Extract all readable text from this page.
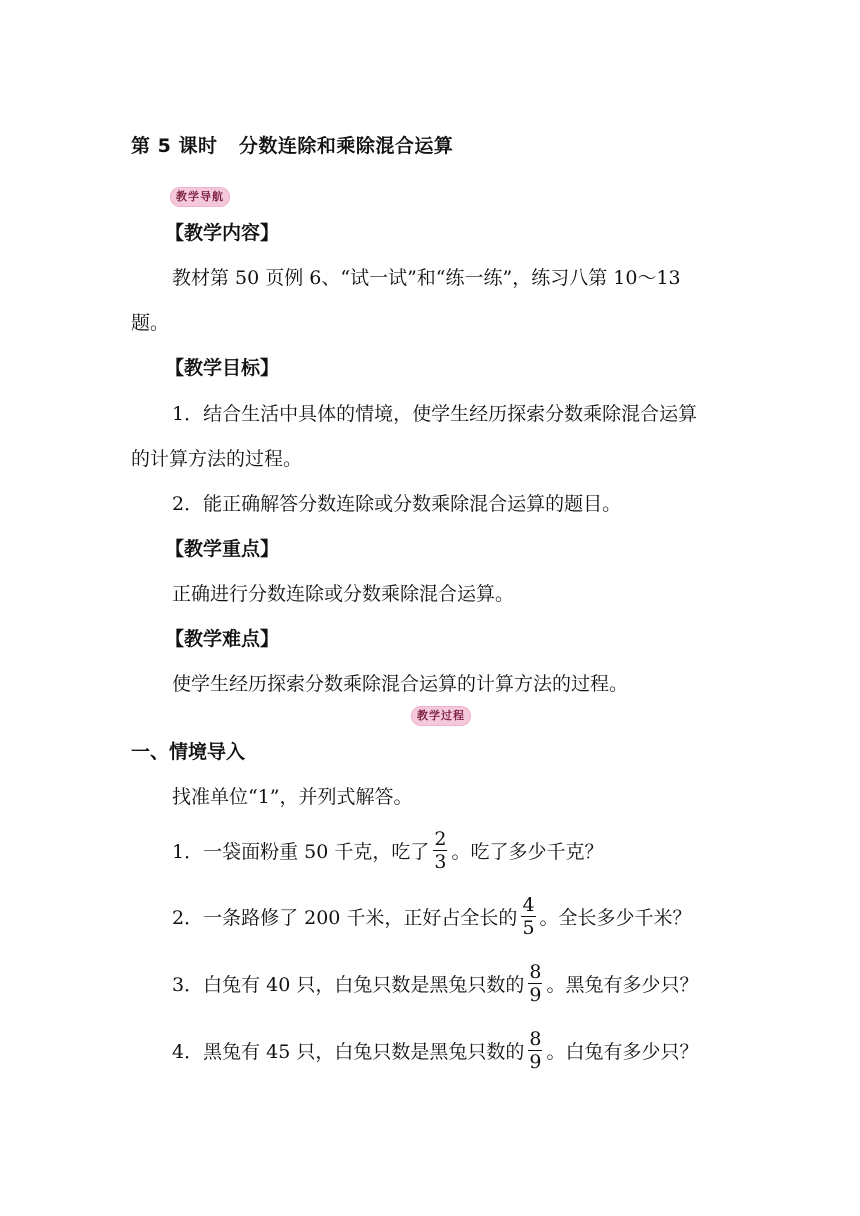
第 5 课时 分数连除和乘除混合运算
教学导航
【教学内容】
教材第 50 页例 6、“试一试”和“练一练”，练习八第 10～13
题。
【教学目标】
1．结合生活中具体的情境，使学生经历探索分数乘除混合运算
的计算方法的过程。
2．能正确解答分数连除或分数乘除混合运算的题目。
【教学重点】
正确进行分数连除或分数乘除混合运算。
【教学难点】
使学生经历探索分数乘除混合运算的计算方法的过程。
教学过程
一、情境导入
找准单位“1”，并列式解答。
1．一袋面粉重 50 千克，吃了 $\frac{2}{3}$ 。吃了多少千克？
2．一条路修了 200 千米，正好占全长的 $\frac{4}{5}$ 。全长多少千米？
3．白兔有 40 只，白兔只数是黑兔只数的 $\frac{8}{9}$ 。黑兔有多少只？
4．黑兔有 45 只，白兔只数是黑兔只数的 $\frac{8}{9}$ 。白兔有多少只？
